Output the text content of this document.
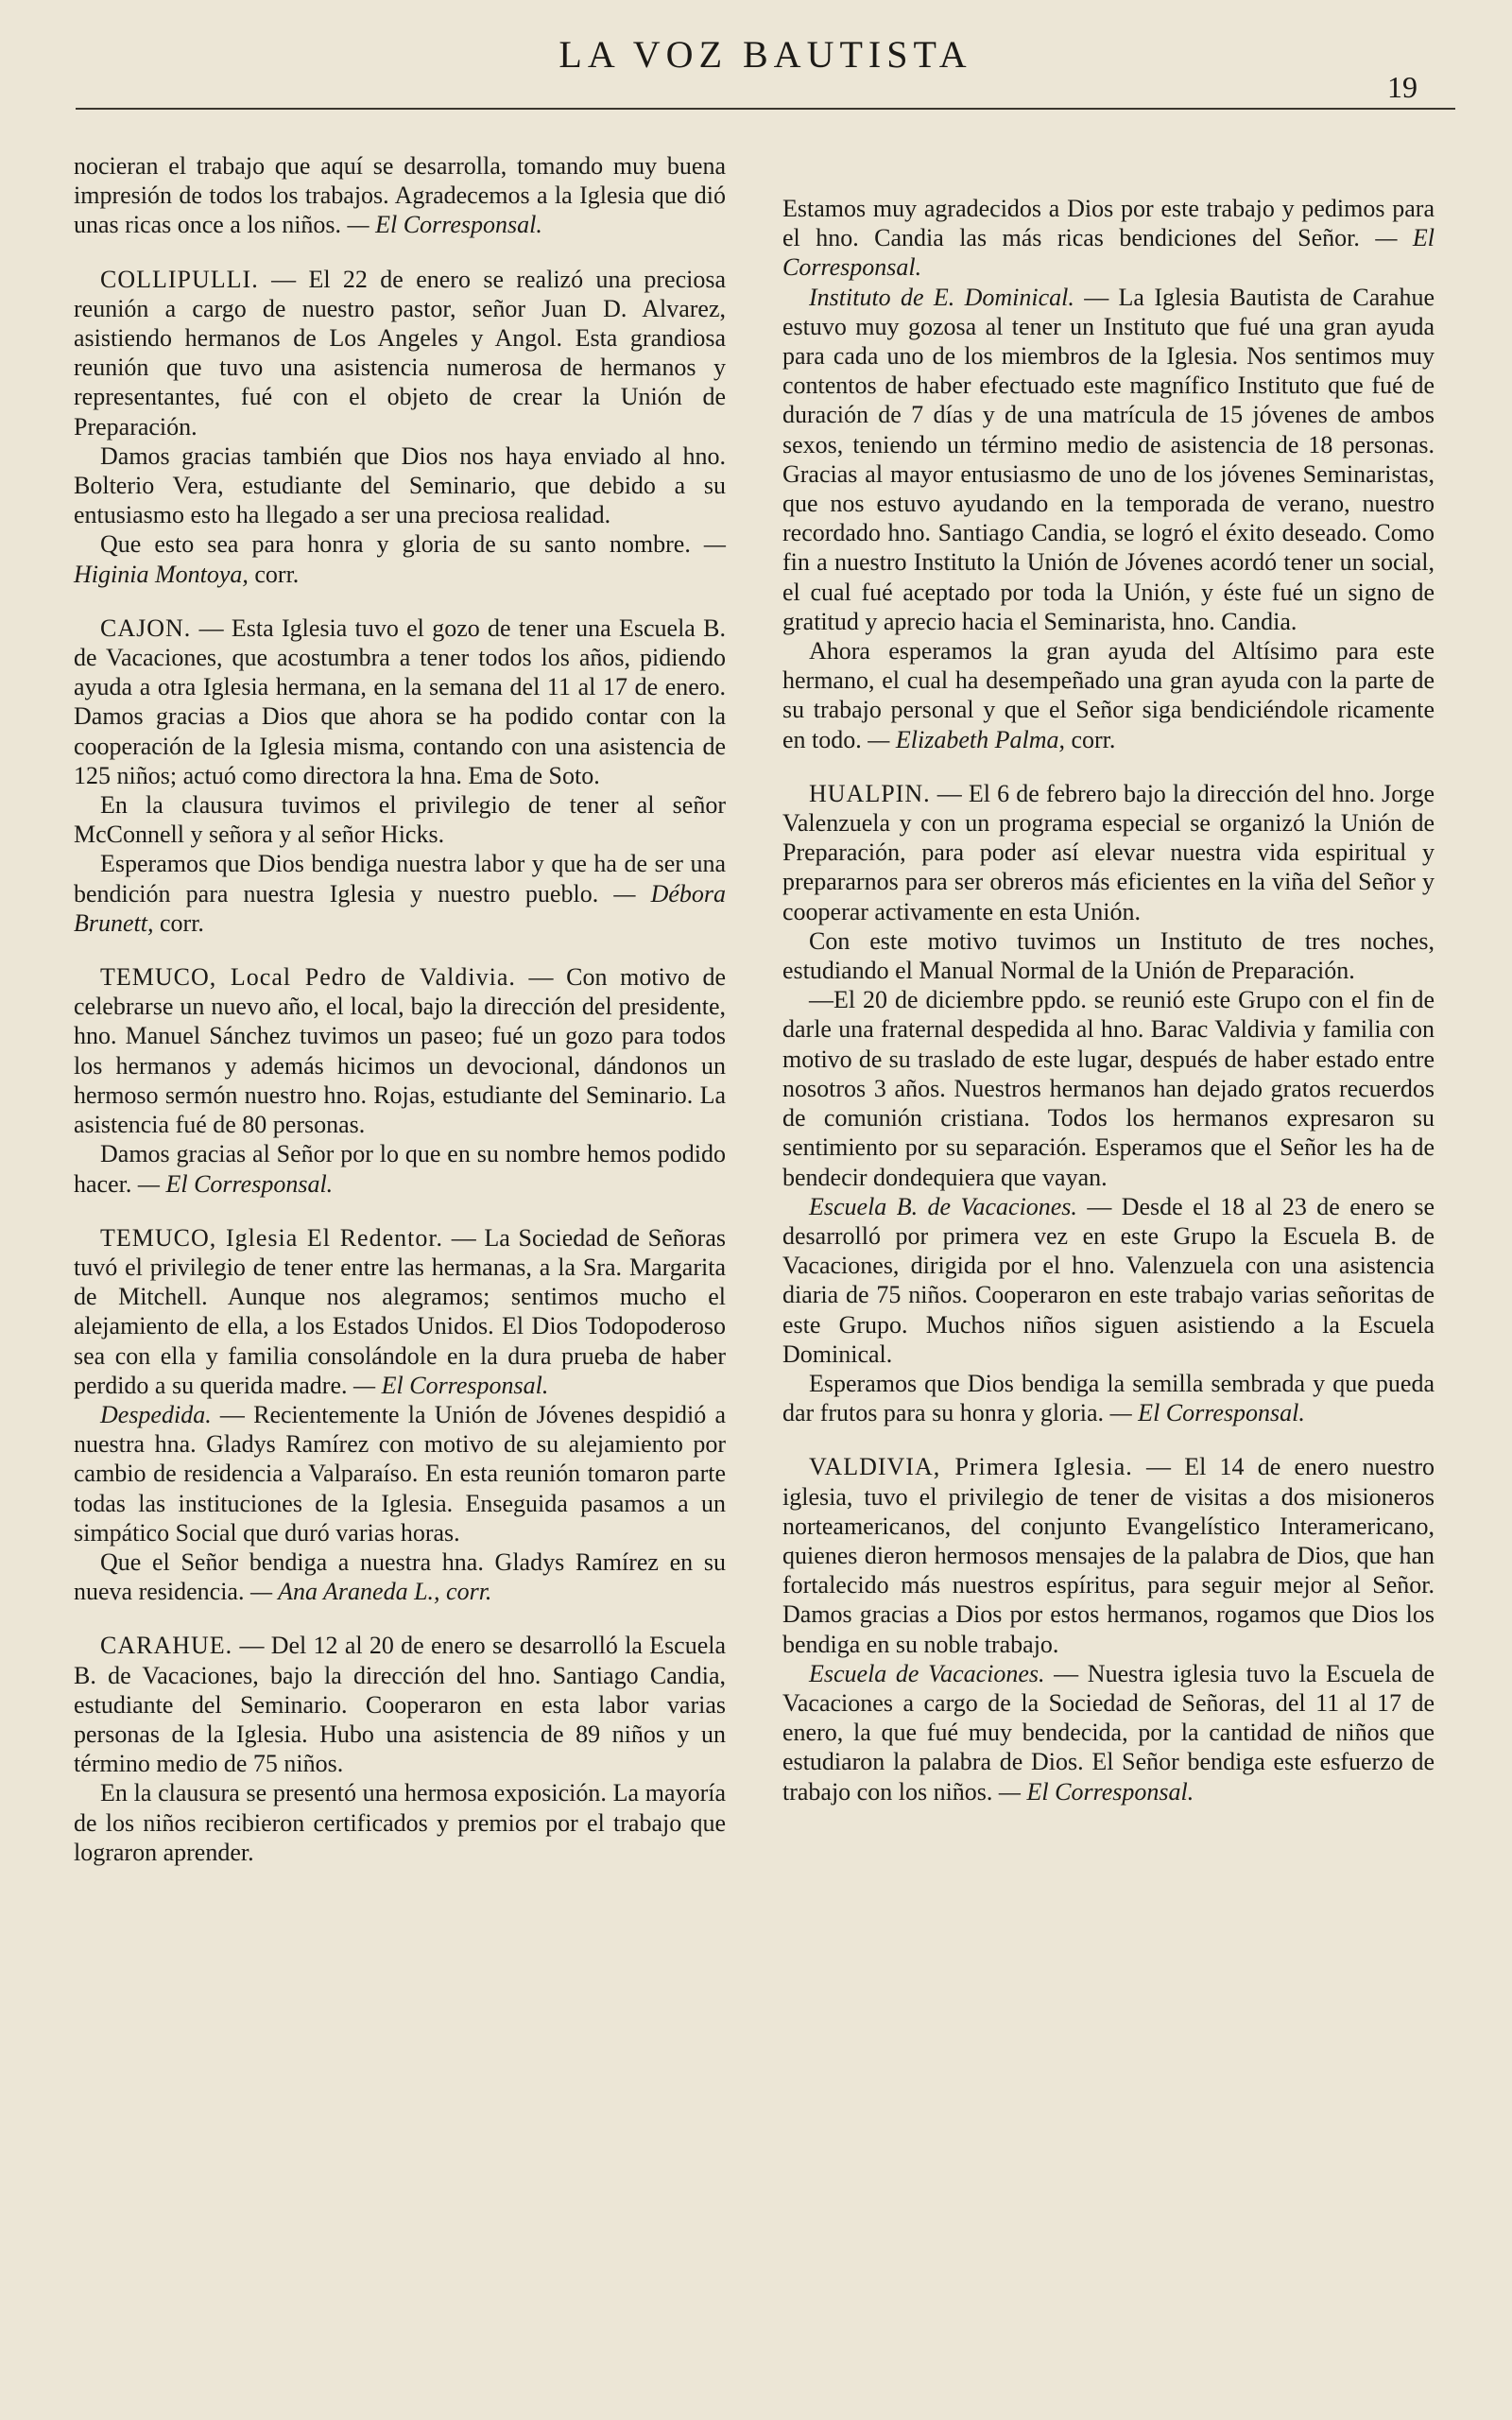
LA VOZ BAUTISTA
19

nocieran el trabajo que aquí se desarrolla, tomando muy buena impresión de todos los trabajos. Agradecemos a la Iglesia que dió unas ricas once a los niños. — El Corresponsal.

COLLIPULLI. — El 22 de enero se realizó una preciosa reunión a cargo de nuestro pastor, señor Juan D. Alvarez, asistiendo hermanos de Los Angeles y Angol. Esta grandiosa reunión que tuvo una asistencia numerosa de hermanos y representantes, fué con el objeto de crear la Unión de Preparación.

Damos gracias también que Dios nos haya enviado al hno. Bolterio Vera, estudiante del Seminario, que debido a su entusiasmo esto ha llegado a ser una preciosa realidad.

Que esto sea para honra y gloria de su santo nombre. — Higinia Montoya, corr.

CAJON. — Esta Iglesia tuvo el gozo de tener una Escuela B. de Vacaciones, que acostumbra a tener todos los años, pidiendo ayuda a otra Iglesia hermana, en la semana del 11 al 17 de enero. Damos gracias a Dios que ahora se ha podido contar con la cooperación de la Iglesia misma, contando con una asistencia de 125 niños; actuó como directora la hna. Ema de Soto.

En la clausura tuvimos el privilegio de tener al señor McConnell y señora y al señor Hicks.

Esperamos que Dios bendiga nuestra labor y que ha de ser una bendición para nuestra Iglesia y nuestro pueblo. — Débora Brunett, corr.

TEMUCO, Local Pedro de Valdivia. — Con motivo de celebrarse un nuevo año, el local, bajo la dirección del presidente, hno. Manuel Sánchez tuvimos un paseo; fué un gozo para todos los hermanos y además hicimos un devocional, dándonos un hermoso sermón nuestro hno. Rojas, estudiante del Seminario. La asistencia fué de 80 personas.

Damos gracias al Señor por lo que en su nombre hemos podido hacer. — El Corresponsal.

TEMUCO, Iglesia El Redentor. — La Sociedad de Señoras tuvó el privilegio de tener entre las hermanas, a la Sra. Margarita de Mitchell. Aunque nos alegramos; sentimos mucho el alejamiento de ella, a los Estados Unidos. El Dios Todopoderoso sea con ella y familia consolándole en la dura prueba de haber perdido a su querida madre. — El Corresponsal.

Despedida. — Recientemente la Unión de Jóvenes despidió a nuestra hna. Gladys Ramírez con motivo de su alejamiento por cambio de residencia a Valparaíso. En esta reunión tomaron parte todas las instituciones de la Iglesia. Enseguida pasamos a un simpático Social que duró varias horas.

Que el Señor bendiga a nuestra hna. Gladys Ramírez en su nueva residencia. — Ana Araneda L., corr.

CARAHUE. — Del 12 al 20 de enero se desarrolló la Escuela B. de Vacaciones, bajo la dirección del hno. Santiago Candia, estudiante del Seminario. Cooperaron en esta labor varias personas de la Iglesia. Hubo una asistencia de 89 niños y un término medio de 75 niños.

En la clausura se presentó una hermosa exposición. La mayoría de los niños recibieron certificados y premios por el trabajo que lograron aprender.

Estamos muy agradecidos a Dios por este trabajo y pedimos para el hno. Candia las más ricas bendiciones del Señor. — El Corresponsal.

Instituto de E. Dominical. — La Iglesia Bautista de Carahue estuvo muy gozosa al tener un Instituto que fué una gran ayuda para cada uno de los miembros de la Iglesia. Nos sentimos muy contentos de haber efectuado este magnífico Instituto que fué de duración de 7 días y de una matrícula de 15 jóvenes de ambos sexos, teniendo un término medio de asistencia de 18 personas. Gracias al mayor entusiasmo de uno de los jóvenes Seminaristas, que nos estuvo ayudando en la temporada de verano, nuestro recordado hno. Santiago Candia, se logró el éxito deseado. Como fin a nuestro Instituto la Unión de Jóvenes acordó tener un social, el cual fué aceptado por toda la Unión, y éste fué un signo de gratitud y aprecio hacia el Seminarista, hno. Candia.

Ahora esperamos la gran ayuda del Altísimo para este hermano, el cual ha desempeñado una gran ayuda con la parte de su trabajo personal y que el Señor siga bendiciéndole ricamente en todo. — Elizabeth Palma, corr.

HUALPIN. — El 6 de febrero bajo la dirección del hno. Jorge Valenzuela y con un programa especial se organizó la Unión de Preparación, para poder así elevar nuestra vida espiritual y prepararnos para ser obreros más eficientes en la viña del Señor y cooperar activamente en esta Unión.

Con este motivo tuvimos un Instituto de tres noches, estudiando el Manual Normal de la Unión de Preparación.

—El 20 de diciembre ppdo. se reunió este Grupo con el fin de darle una fraternal despedida al hno. Barac Valdivia y familia con motivo de su traslado de este lugar, después de haber estado entre nosotros 3 años. Nuestros hermanos han dejado gratos recuerdos de comunión cristiana. Todos los hermanos expresaron su sentimiento por su separación. Esperamos que el Señor les ha de bendecir dondequiera que vayan.

Escuela B. de Vacaciones. — Desde el 18 al 23 de enero se desarrolló por primera vez en este Grupo la Escuela B. de Vacaciones, dirigida por el hno. Valenzuela con una asistencia diaria de 75 niños. Cooperaron en este trabajo varias señoritas de este Grupo. Muchos niños siguen asistiendo a la Escuela Dominical.

Esperamos que Dios bendiga la semilla sembrada y que pueda dar frutos para su honra y gloria. — El Corresponsal.

VALDIVIA, Primera Iglesia. — El 14 de enero nuestro iglesia, tuvo el privilegio de tener de visitas a dos misioneros norteamericanos, del conjunto Evangelístico Interamericano, quienes dieron hermosos mensajes de la palabra de Dios, que han fortalecido más nuestros espíritus, para seguir mejor al Señor. Damos gracias a Dios por estos hermanos, rogamos que Dios los bendiga en su noble trabajo.

Escuela de Vacaciones. — Nuestra iglesia tuvo la Escuela de Vacaciones a cargo de la Sociedad de Señoras, del 11 al 17 de enero, la que fué muy bendecida, por la cantidad de niños que estudiaron la palabra de Dios. El Señor bendiga este esfuerzo de trabajo con los niños. — El Corresponsal.
